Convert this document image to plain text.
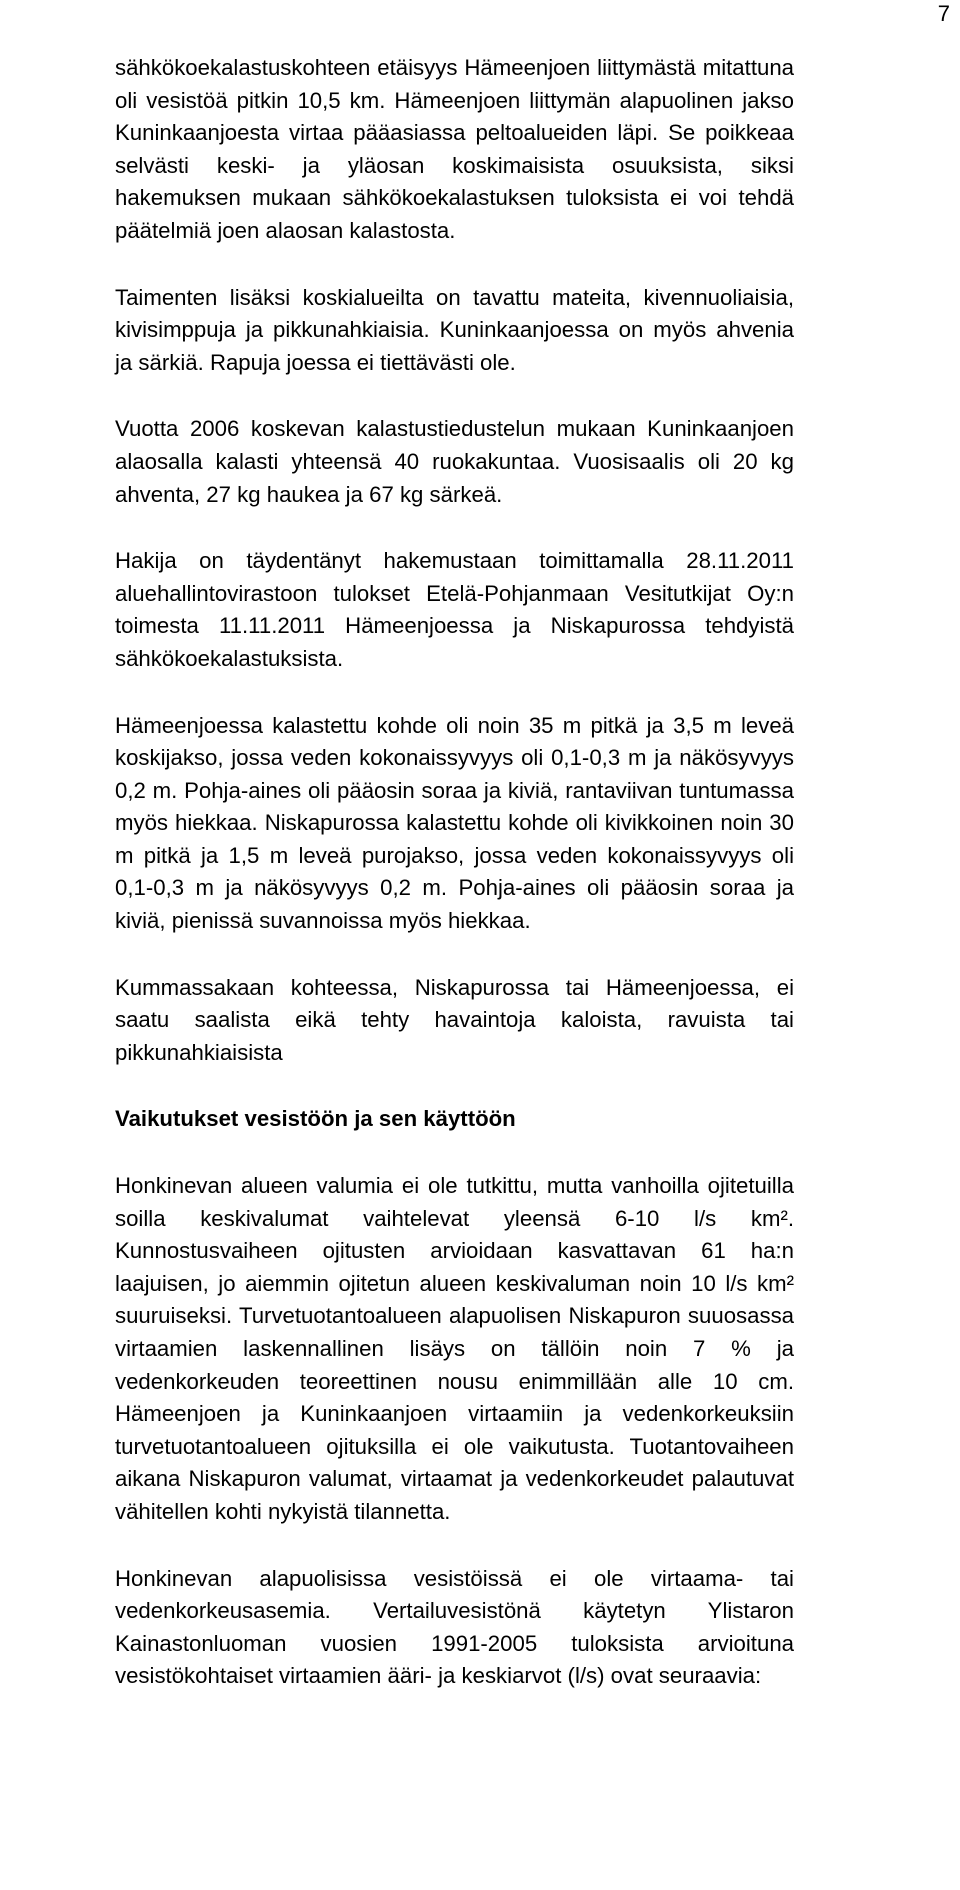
7

sähkökoekalastuskohteen etäisyys Hämeenjoen liittymästä mitattuna oli vesistöä pitkin 10,5 km. Hämeenjoen liittymän alapuolinen jakso Kuninkaanjoesta virtaa pääasiassa peltoalueiden läpi. Se poikkeaa selvästi keski- ja yläosan koskimaisista osuuksista, siksi hakemuksen mukaan sähkökoekalastuksen tuloksista ei voi tehdä päätelmiä joen alaosan kalastosta.

Taimenten lisäksi koskialueilta on tavattu mateita, kivennuoliaisia, kivisimppuja ja pikkunahkiaisia. Kuninkaanjoessa on myös ahvenia ja särkiä. Rapuja joessa ei tiettävästi ole.

Vuotta 2006 koskevan kalastustiedustelun mukaan Kuninkaanjoen alaosalla kalasti yhteensä 40 ruokakuntaa. Vuosisaalis oli 20 kg ahventa, 27 kg haukea ja 67 kg särkeä.

Hakija on täydentänyt hakemustaan toimittamalla 28.11.2011 aluehallintovirastoon tulokset Etelä-Pohjanmaan Vesitutkijat Oy:n toimesta 11.11.2011 Hämeenjoessa ja Niskapurossa tehdyistä sähkökoekalastuksista.

Hämeenjoessa kalastettu kohde oli noin 35 m pitkä ja 3,5 m leveä koskijakso, jossa veden kokonaissyvyys oli 0,1-0,3 m ja näkösyvyys 0,2 m. Pohja-aines oli pääosin soraa ja kiviä, rantaviivan tuntumassa myös hiekkaa. Niskapurossa kalastettu kohde oli kivikkoinen noin 30 m pitkä ja 1,5 m leveä purojakso, jossa veden kokonaissyvyys oli 0,1-0,3 m ja näkösyvyys 0,2 m. Pohja-aines oli pääosin soraa ja kiviä, pienissä suvannoissa myös hiekkaa.

Kummassakaan kohteessa, Niskapurossa tai Hämeenjoessa, ei saatu saalista eikä tehty havaintoja kaloista, ravuista tai pikkunahkiaisista

Vaikutukset vesistöön ja sen käyttöön

Honkinevan alueen valumia ei ole tutkittu, mutta vanhoilla ojitetuilla soilla keskivalumat vaihtelevat yleensä 6-10 l/s km². Kunnostusvaiheen ojitusten arvioidaan kasvattavan 61 ha:n laajuisen, jo aiemmin ojitetun alueen keskivaluman noin 10 l/s km² suuruiseksi. Turvetuotantoalueen alapuolisen Niskapuron suuosassa virtaamien laskennallinen lisäys on tällöin noin 7 % ja vedenkorkeuden teoreettinen nousu enimmillään alle 10 cm. Hämeenjoen ja Kuninkaanjoen virtaamiin ja vedenkorkeuksiin turvetuotantoalueen ojituksilla ei ole vaikutusta. Tuotantovaiheen aikana Niskapuron valumat, virtaamat ja vedenkorkeudet palautuvat vähitellen kohti nykyistä tilannetta.

Honkinevan alapuolisissa vesistöissä ei ole virtaama- tai vedenkorkeusasemia. Vertailuvesistönä käytetyn Ylistaron Kainastonluoman vuosien 1991-2005 tuloksista arvioituna vesistökohtaiset virtaamien ääri- ja keskiarvot (l/s) ovat seuraavia:
